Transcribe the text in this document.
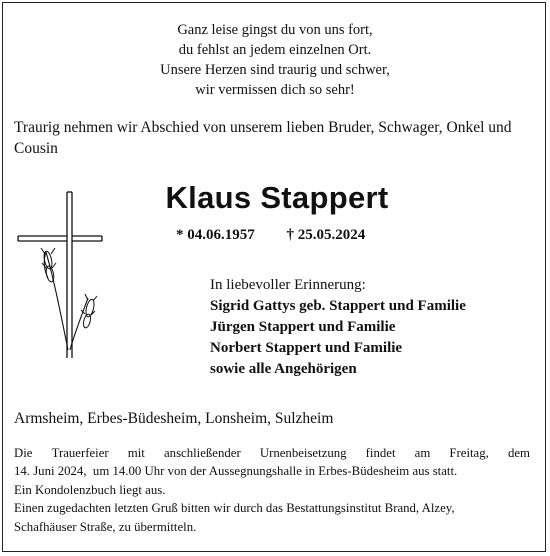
Ganz leise gingst du von uns fort,
du fehlst an jedem einzelnen Ort.
Unsere Herzen sind traurig und schwer,
wir vermissen dich so sehr!
Traurig nehmen wir Abschied von unserem lieben Bruder, Schwager, Onkel und Cousin
Klaus Stappert
* 04.06.1957 † 25.05.2024
In liebevoller Erinnerung:
Sigrid Gattys geb. Stappert und Familie
Jürgen Stappert und Familie
Norbert Stappert und Familie
sowie alle Angehörigen
Armsheim, Erbes-Büdesheim, Lonsheim, Sulzheim
Die Trauerfeier mit anschließender Urnenbeisetzung findet am Freitag, dem
14. Juni 2024,  um 14.00 Uhr von der Aussegnungshalle in Erbes-Büdesheim aus statt.
Ein Kondolenzbuch liegt aus.
Einen zugedachten letzten Gruß bitten wir durch das Bestattungsinstitut Brand, Alzey,
Schafhäuser Straße, zu übermitteln.
